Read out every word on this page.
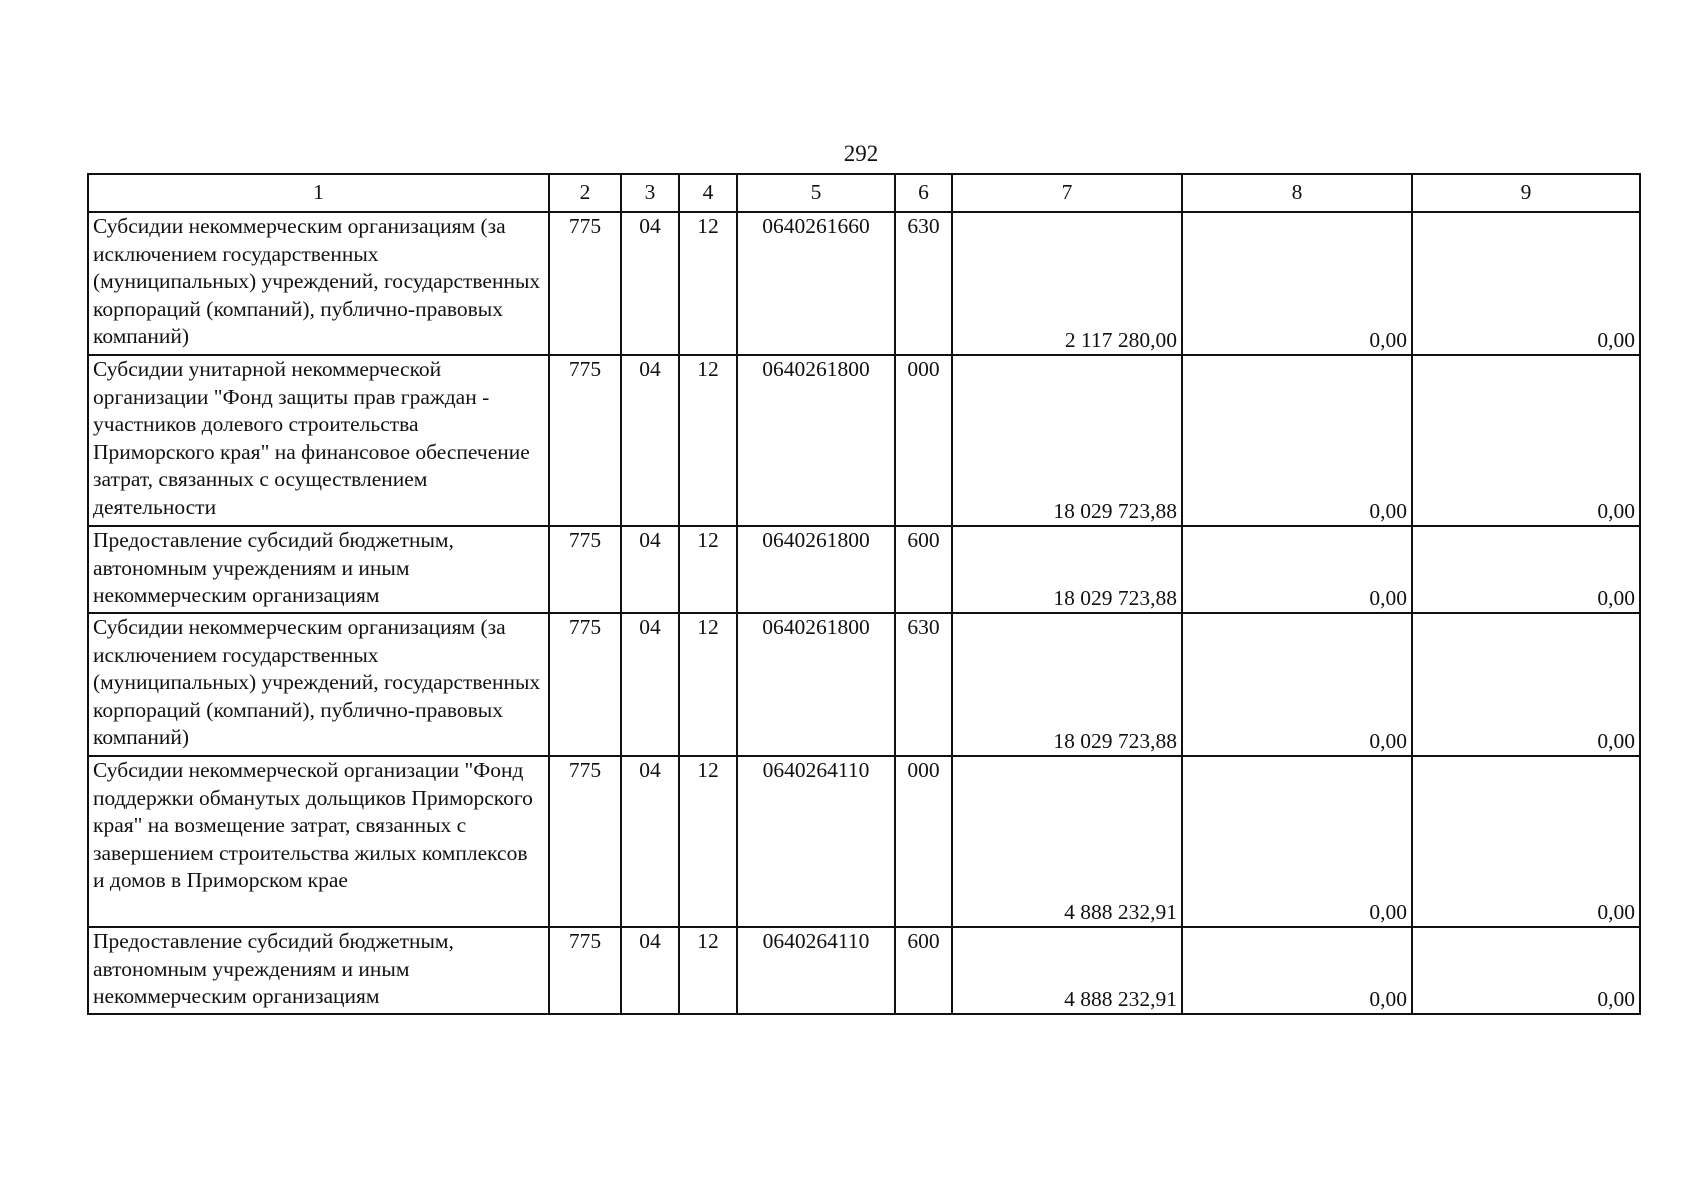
292
1	2	3	4	5	6	7	8	9
Субсидии некоммерческим организациям (за исключением государственных (муниципальных) учреждений, государственных корпораций (компаний), публично-правовых компаний)	775	04	12	0640261660	630	2 117 280,00	0,00	0,00
Субсидии унитарной некоммерческой организации "Фонд защиты прав граждан - участников долевого строительства Приморского края" на финансовое обеспечение затрат, связанных с осуществлением деятельности	775	04	12	0640261800	000	18 029 723,88	0,00	0,00
Предоставление субсидий бюджетным, автономным учреждениям и иным некоммерческим организациям	775	04	12	0640261800	600	18 029 723,88	0,00	0,00
Субсидии некоммерческим организациям (за исключением государственных (муниципальных) учреждений, государственных корпораций (компаний), публично-правовых компаний)	775	04	12	0640261800	630	18 029 723,88	0,00	0,00
Субсидии некоммерческой организации "Фонд поддержки обманутых дольщиков Приморского края" на возмещение затрат, связанных с завершением строительства жилых комплексов и домов в Приморском крае	775	04	12	0640264110	000	4 888 232,91	0,00	0,00
Предоставление субсидий бюджетным, автономным учреждениям и иным некоммерческим организациям	775	04	12	0640264110	600	4 888 232,91	0,00	0,00
